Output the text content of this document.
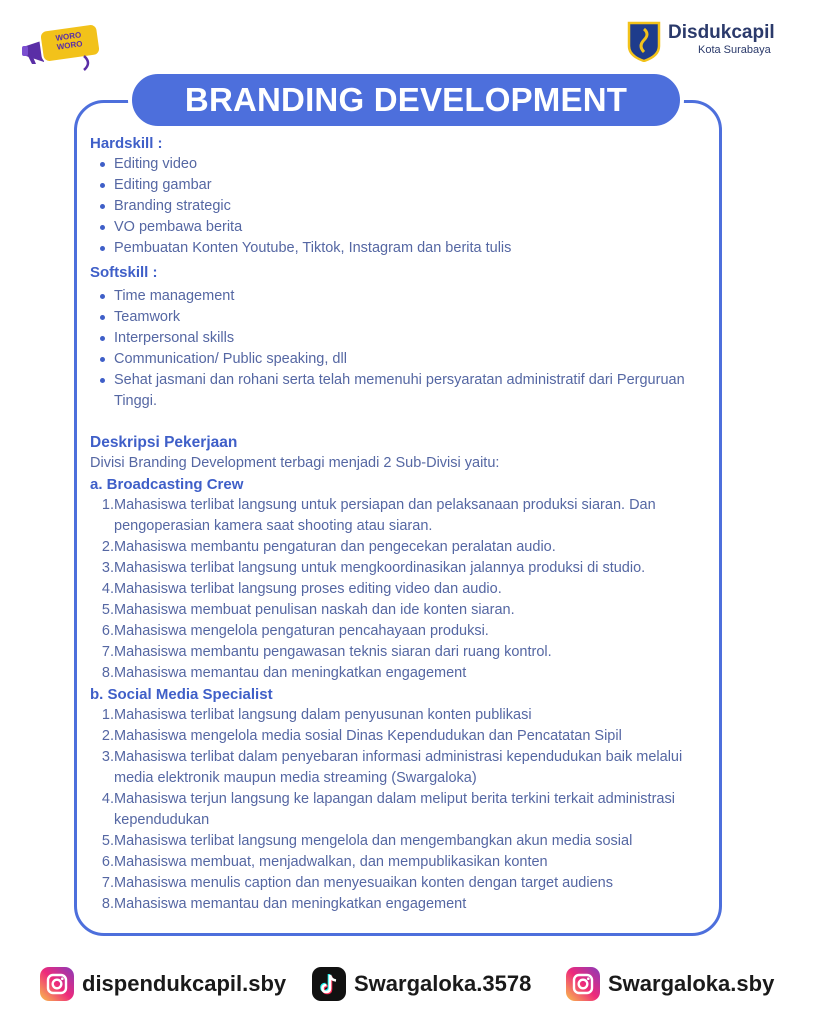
WORO
WORO
Disdukcapil
Kota Surabaya
BRANDING DEVELOPMENT
Hardskill :
Editing video
Editing gambar
Branding strategic
VO pembawa berita
Pembuatan Konten Youtube, Tiktok, Instagram dan berita tulis
Softskill :
Time management
Teamwork
Interpersonal skills
Communication/ Public speaking, dll
Sehat jasmani dan rohani serta telah memenuhi persyaratan administratif dari Perguruan Tinggi.
Deskripsi Pekerjaan
Divisi Branding Development terbagi menjadi 2 Sub-Divisi yaitu:
a. Broadcasting Crew
1. Mahasiswa terlibat langsung untuk persiapan dan pelaksanaan produksi siaran. Dan pengoperasian kamera saat shooting atau siaran.
2. Mahasiswa membantu pengaturan dan pengecekan peralatan audio.
3. Mahasiswa terlibat langsung untuk mengkoordinasikan jalannya produksi di studio.
4. Mahasiswa terlibat langsung proses editing video dan audio.
5. Mahasiswa membuat penulisan naskah dan ide konten siaran.
6. Mahasiswa mengelola pengaturan pencahayaan produksi.
7. Mahasiswa membantu pengawasan teknis siaran dari ruang kontrol.
8. Mahasiswa memantau dan meningkatkan engagement
b. Social Media Specialist
1. Mahasiswa terlibat langsung dalam penyusunan konten publikasi
2. Mahasiswa mengelola media sosial Dinas Kependudukan dan Pencatatan Sipil
3. Mahasiswa terlibat dalam penyebaran informasi administrasi kependudukan baik melalui media elektronik maupun media streaming (Swargaloka)
4. Mahasiswa terjun langsung ke lapangan dalam meliput berita terkini terkait administrasi kependudukan
5. Mahasiswa terlibat langsung mengelola dan mengembangkan akun media sosial
6. Mahasiswa membuat, menjadwalkan, dan mempublikasikan konten
7. Mahasiswa menulis caption dan menyesuaikan konten dengan target audiens
8. Mahasiswa memantau dan meningkatkan engagement
dispendukcapil.sby	Swargaloka.3578	Swargaloka.sby
